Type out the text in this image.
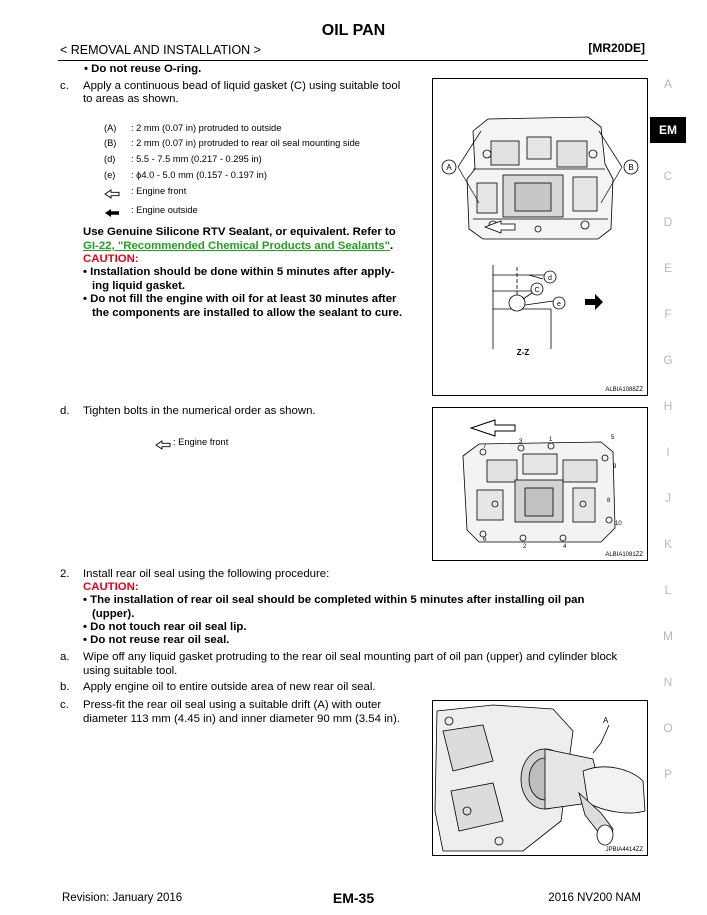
OIL PAN
< REMOVAL AND INSTALLATION >	[MR20DE]
• Do not reuse O-ring.
c. Apply a continuous bead of liquid gasket (C) using suitable tool
to areas as shown.
(A) : 2 mm (0.07 in) protruded to outside
(B) : 2 mm (0.07 in) protruded to rear oil seal mounting side
(d) : 5.5 - 7.5 mm (0.217 - 0.295 in)
(e) : ϕ4.0 - 5.0 mm (0.157 - 0.197 in)
: Engine front
: Engine outside
Use Genuine Silicone RTV Sealant, or equivalent. Refer to
GI-22, "Recommended Chemical Products and Sealants".
CAUTION:
• Installation should be done within 5 minutes after apply-
ing liquid gasket.
• Do not fill the engine with oil for at least 30 minutes after
the components are installed to allow the sealant to cure.
A	B
d
C
e
Z-Z
ALBIA1088ZZ
d. Tighten bolts in the numerical order as shown.
: Engine front	7
3	1	5
9
10
6
2	4
8
ALBIA1081ZZ
2. Install rear oil seal using the following procedure:
CAUTION:
• The installation of rear oil seal should be completed within 5 minutes after installing oil pan
(upper).
• Do not touch rear oil seal lip.
• Do not reuse rear oil seal.
a. Wipe off any liquid gasket protruding to the rear oil seal mounting part of oil pan (upper) and cylinder block
using suitable tool.
b. Apply engine oil to entire outside area of new rear oil seal.
c. Press-fit the rear oil seal using a suitable drift (A) with outer
diameter 113 mm (4.45 in) and inner diameter 90 mm (3.54 in).	A
JPBIA4414ZZ
A
EM
C
D
E
F
G
H
I
J
K
L
M
N
O
P
Revision: January 2016	EM-35	2016 NV200 NAM
